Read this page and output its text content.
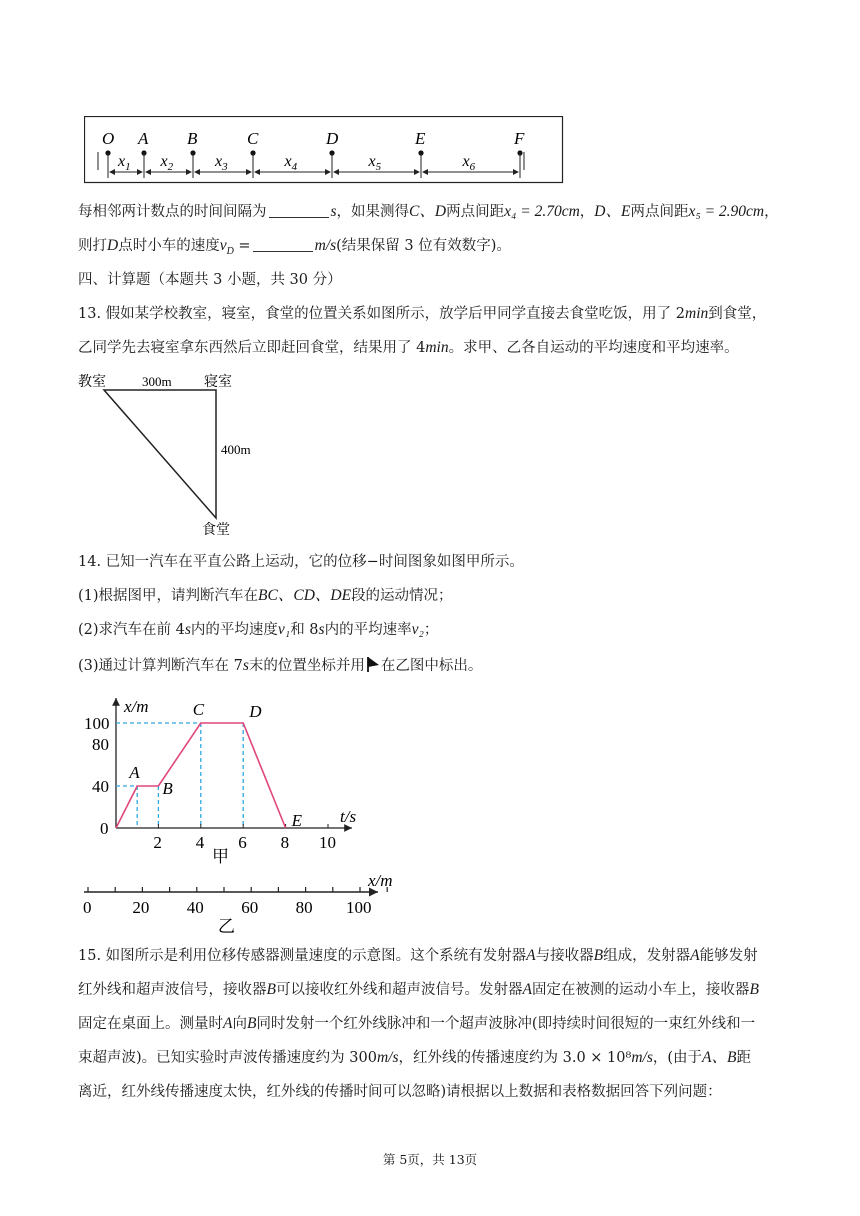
O A B	C	D	E	F
$x_1$ $x_2$	$x_3$	$x_4$	$x_5$	$x_6$
每相邻两计数点的时间间隔为	s，如果测得C、D两点间距x₄ = 2.70cm，D、E两点间距x₅ = 2.90cm，
则打D点时小车的速度$v_D$ =	m/s(结果保留 3 位有效数字)。
四、计算题（本题共 3 小题，共 30 分）
13. 假如某学校教室，寝室，食堂的位置关系如图所示，放学后甲同学直接去食堂吃饭，用了 2min到食堂，
乙同学先去寝室拿东西然后立即赶回食堂，结果用了 4min。求甲、乙各自运动的平均速度和平均速率。
教室	300m 寝室
400m
食堂
14. 已知一汽车在平直公路上运动，它的位移−时间图象如图甲所示。
(1)根据图甲，请判断汽车在BC、CD、DE段的运动情况；
(2)求汽车在前 4s内的平均速度v₁和 8s内的平均速率v₂；
(3)通过计算判断汽车在 7s末的位置坐标并用 在乙图中标出。
2 4 6 8 10
40
80
100
A
B
C	D
E
x/m
t/s
0
甲
0 20 40 60 80 100
x/m
乙
15. 如图所示是利用位移传感器测量速度的示意图。这个系统有发射器A与接收器B组成，发射器A能够发射
红外线和超声波信号，接收器B可以接收红外线和超声波信号。发射器A固定在被测的运动小车上，接收器B
固定在桌面上。测量时A向B同时发射一个红外线脉冲和一个超声波脉冲(即持续时间很短的一束红外线和一
束超声波)。已知实验时声波传播速度约为 300m/s，红外线的传播速度约为 3.0 × 10⁸m/s，(由于A、B距
离近，红外线传播速度太快，红外线的传播时间可以忽略)请根据以上数据和表格数据回答下列问题：
第 5页，共 13页
